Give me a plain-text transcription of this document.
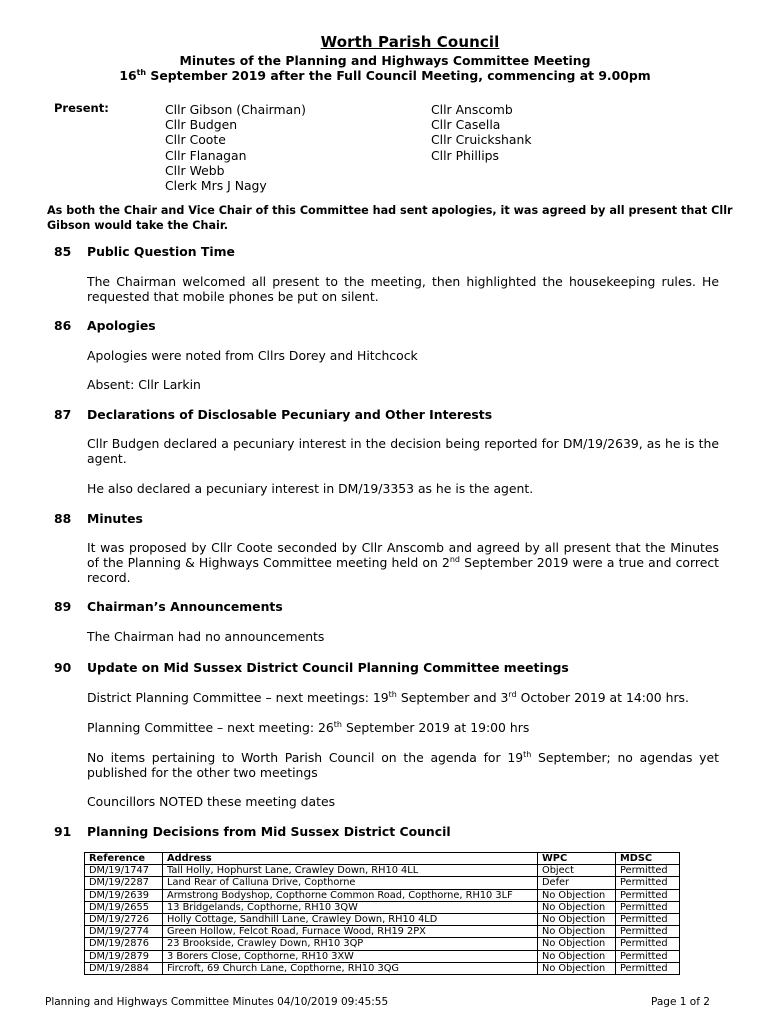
Worth Parish Council
Minutes of the Planning and Highways Committee Meeting
16th September 2019 after the Full Council Meeting, commencing at 9.00pm
Present:	Cllr Gibson (Chairman)
Cllr Budgen
Cllr Coote
Cllr Flanagan
Cllr Webb
Clerk Mrs J Nagy
Cllr Anscomb
Cllr Casella
Cllr Cruickshank
Cllr Phillips
As both the Chair and Vice Chair of this Committee had sent apologies, it was agreed by all present that Cllr Gibson would take the Chair.
85 Public Question Time
The Chairman welcomed all present to the meeting, then highlighted the housekeeping rules. He requested that mobile phones be put on silent.
86 Apologies
Apologies were noted from Cllrs Dorey and Hitchcock
Absent: Cllr Larkin
87 Declarations of Disclosable Pecuniary and Other Interests
Cllr Budgen declared a pecuniary interest in the decision being reported for DM/19/2639, as he is the agent.
He also declared a pecuniary interest in DM/19/3353 as he is the agent.
88 Minutes
It was proposed by Cllr Coote seconded by Cllr Anscomb and agreed by all present that the Minutes of the Planning & Highways Committee meeting held on 2nd September 2019 were a true and correct record.
89 Chairman’s Announcements
The Chairman had no announcements
90 Update on Mid Sussex District Council Planning Committee meetings
District Planning Committee – next meetings: 19th September and 3rd October 2019 at 14:00 hrs.
Planning Committee – next meeting: 26th September 2019 at 19:00 hrs
No items pertaining to Worth Parish Council on the agenda for 19th September; no agendas yet published for the other two meetings
Councillors NOTED these meeting dates
91 Planning Decisions from Mid Sussex District Council
Reference	Address	WPC	MDSC
DM/19/1747	Tall Holly, Hophurst Lane, Crawley Down, RH10 4LL	Object	Permitted
DM/19/2287	Land Rear of Calluna Drive, Copthorne	Defer	Permitted
DM/19/2639	Armstrong Bodyshop, Copthorne Common Road, Copthorne, RH10 3LF	No Objection	Permitted
DM/19/2655	13 Bridgelands, Copthorne, RH10 3QW	No Objection	Permitted
DM/19/2726	Holly Cottage, Sandhill Lane, Crawley Down, RH10 4LD	No Objection	Permitted
DM/19/2774	Green Hollow, Felcot Road, Furnace Wood, RH19 2PX	No Objection	Permitted
DM/19/2876	23 Brookside, Crawley Down, RH10 3QP	No Objection	Permitted
DM/19/2879	3 Borers Close, Copthorne, RH10 3XW	No Objection	Permitted
DM/19/2884	Fircroft, 69 Church Lane, Copthorne, RH10 3QG	No Objection	Permitted
Planning and Highways Committee Minutes 04/10/2019 09:45:55	Page 1 of 2
